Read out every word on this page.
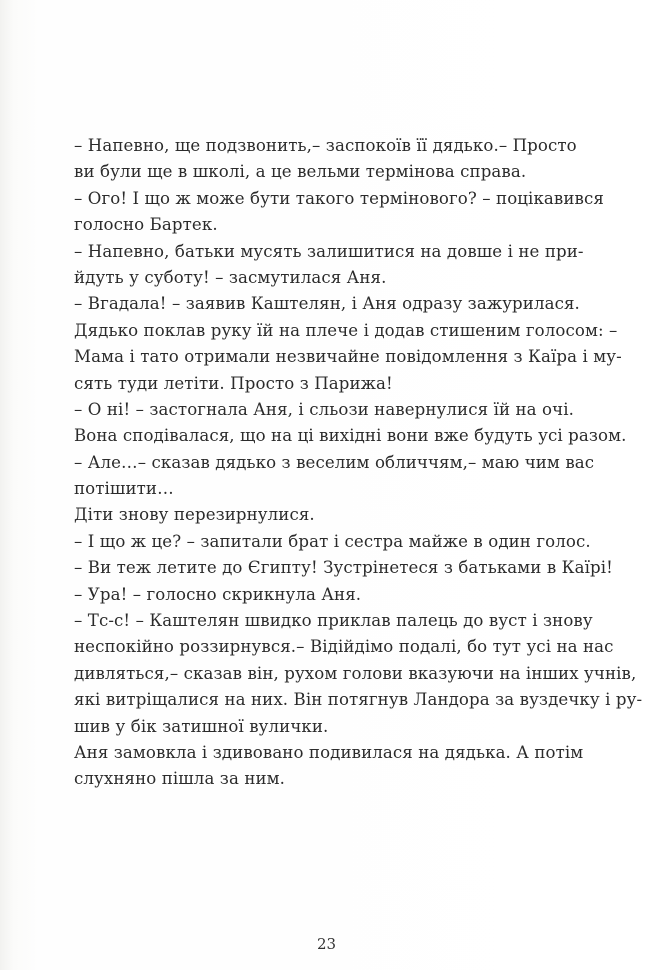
– Напевно, ще подзвонить,– заспокоїв її дядько.– Просто
ви були ще в школі, а це вельми термінова справа.
– Ого! І що ж може бути такого термінового? – поцікавився
голосно Бартек.
– Напевно, батьки мусять залишитися на довше і не при-
йдуть у суботу! – засмутилася Аня.
– Вгадала! – заявив Каштелян, і Аня одразу зажурилася.
Дядько поклав руку їй на плече і додав стишеним голосом: –
Мама і тато отримали незвичайне повідомлення з Каїра і му-
сять туди летіти. Просто з Парижа!
– О ні! – застогнала Аня, і сльози навернулися їй на очі.
Вона сподівалася, що на ці вихідні вони вже будуть усі разом.
– Але…– сказав дядько з веселим обличчям,– маю чим вас
потішити…
Діти знову перезирнулися.
– І що ж це? – запитали брат і сестра майже в один голос.
– Ви теж летите до Єгипту! Зустрінетеся з батьками в Каїрі!
– Ура! – голосно скрикнула Аня.
– Тс-с! – Каштелян швидко приклав палець до вуст і знову
неспокійно роззирнувся.– Відійдімо подалі, бо тут усі на нас
дивляться,– сказав він, рухом голови вказуючи на інших учнів,
які витріщалися на них. Він потягнув Ландора за вуздечку і ру-
шив у бік затишної вулички.
Аня замовкла і здивовано подивилася на дядька. А потім
слухняно пішла за ним.
23
